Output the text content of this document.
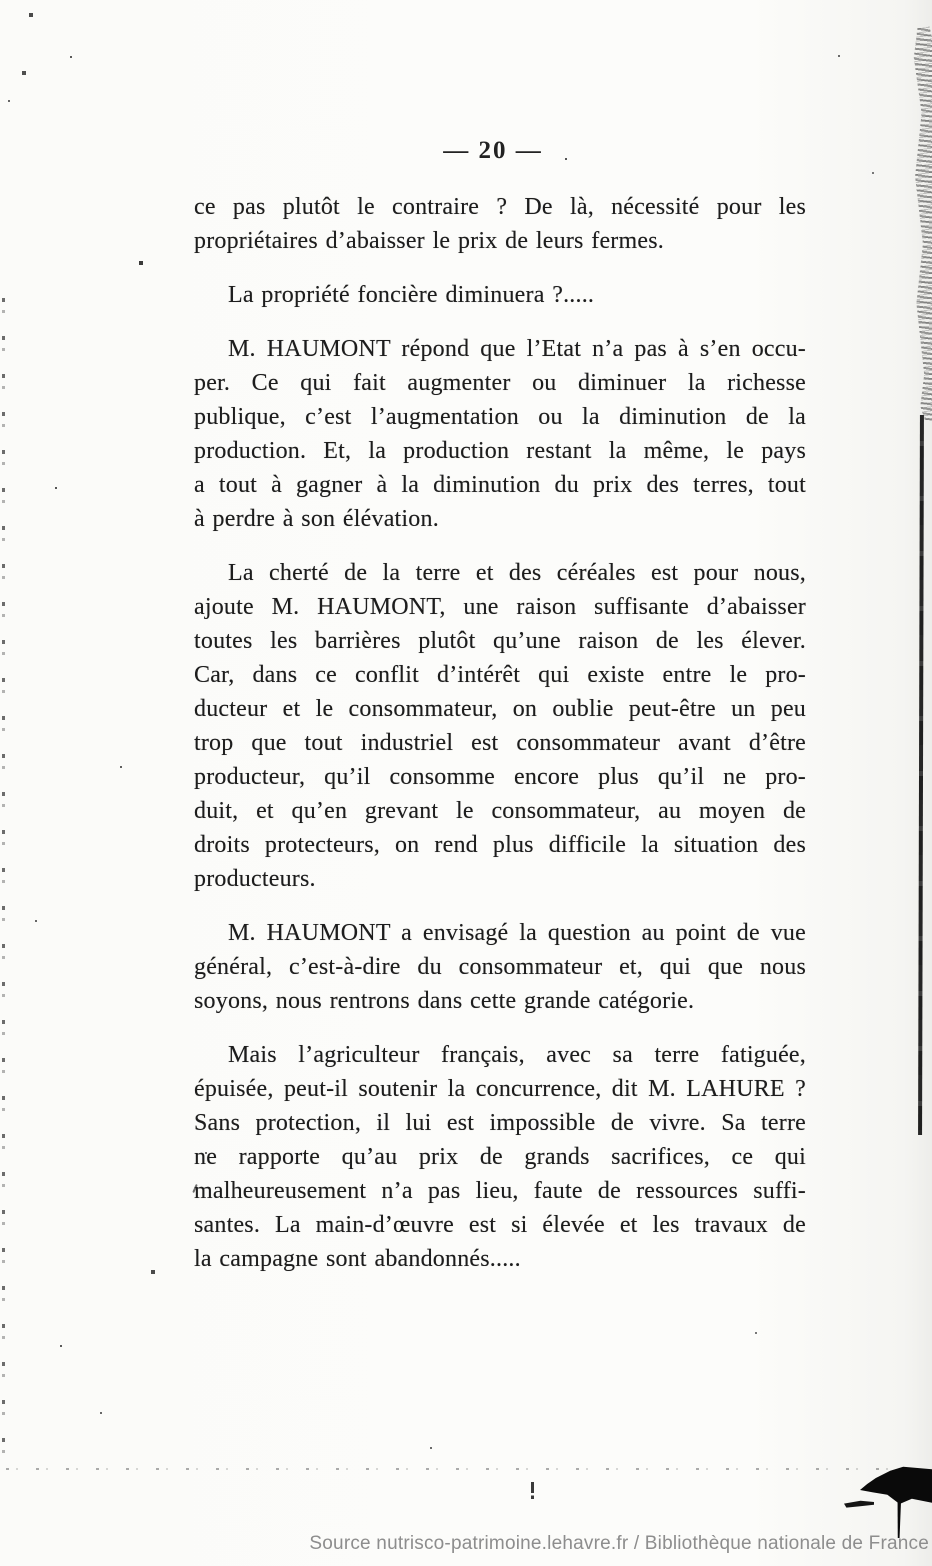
— 20 —
ce pas plutôt le contraire ? De là, nécessité pour les
propriétaires d’abaisser le prix de leurs fermes.
La propriété foncière diminuera ?.....
M. HAUMONT répond que l’Etat n’a pas à s’en occu-
per. Ce qui fait augmenter ou diminuer la richesse
publique, c’est l’augmentation ou la diminution de la
production. Et, la production restant la même, le pays
a tout à gagner à la diminution du prix des terres, tout
à perdre à son élévation.
La cherté de la terre et des céréales est pour nous,
ajoute M. HAUMONT, une raison suffisante d’abaisser
toutes les barrières plutôt qu’une raison de les élever.
Car, dans ce conflit d’intérêt qui existe entre le pro-
ducteur et le consommateur, on oublie peut-être un peu
trop que tout industriel est consommateur avant d’être
producteur, qu’il consomme encore plus qu’il ne pro-
duit, et qu’en grevant le consommateur, au moyen de
droits protecteurs, on rend plus difficile la situation des
producteurs.
M. HAUMONT a envisagé la question au point de vue
général, c’est-à-dire du consommateur et, qui que nous
soyons, nous rentrons dans cette grande catégorie.
Mais l’agriculteur français, avec sa terre fatiguée,
épuisée, peut-il soutenir la concurrence, dit M. LAHURE ?
Sans protection, il lui est impossible de vivre. Sa terre
ne rapporte qu’au prix de grands sacrifices, ce qui
malheureusement n’a pas lieu, faute de ressources suffi-
santes. La main-d’œuvre est si élevée et les travaux de
la campagne sont abandonnés.....
Source nutrisco-patrimoine.lehavre.fr / Bibliothèque nationale de France
